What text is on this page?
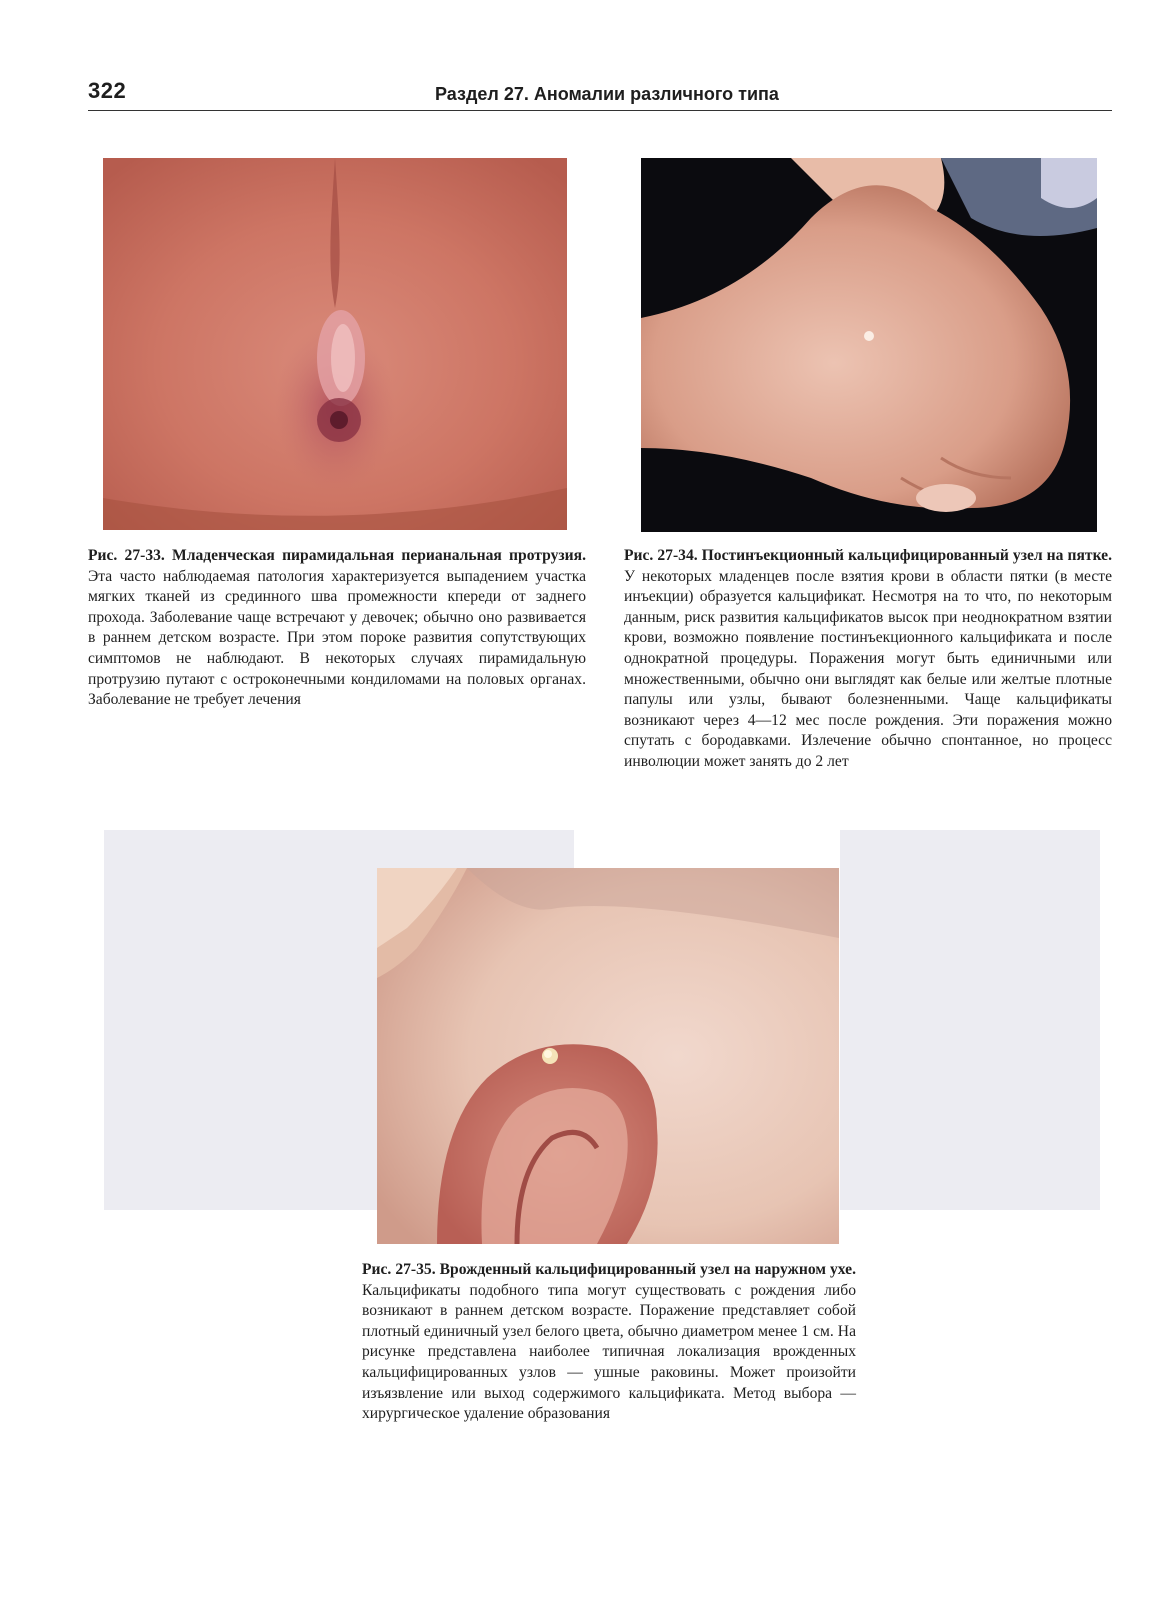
322	Раздел 27. Аномалии различного типа
Рис. 27-33. Младенческая пирамидальная перианальная протрузия. Эта часто наблюдаемая патология характеризуется выпадением участка мягких тканей из срединного шва промежности кпереди от заднего прохода. Заболевание чаще встречают у девочек; обычно оно развивается в раннем детском возрасте. При этом пороке развития сопутствующих симптомов не наблюдают. В некоторых случаях пирамидальную протрузию путают с остроконечными кондиломами на половых органах. Заболевание не требует лечения
Рис. 27-34. Постинъекционный кальцифицированный узел на пятке. У некоторых младенцев после взятия крови в области пятки (в месте инъекции) образуется кальцификат. Несмотря на то что, по некоторым данным, риск развития кальцификатов высок при неоднократном взятии крови, возможно появление постинъекционного кальцификата и после однократной процедуры. Поражения могут быть единичными или множественными, обычно они выглядят как белые или желтые плотные папулы или узлы, бывают болезненными. Чаще кальцификаты возникают через 4—12 мес после рождения. Эти поражения можно спутать с бородавками. Излечение обычно спонтанное, но процесс инволюции может занять до 2 лет
Рис. 27-35. Врожденный кальцифицированный узел на наружном ухе. Кальцификаты подобного типа могут существовать с рождения либо возникают в раннем детском возрасте. Поражение представляет собой плотный единичный узел белого цвета, обычно диаметром менее 1 см. На рисунке представлена наиболее типичная локализация врожденных кальцифицированных узлов — ушные раковины. Может произойти изъязвление или выход содержимого кальцификата. Метод выбора — хирургическое удаление образования
